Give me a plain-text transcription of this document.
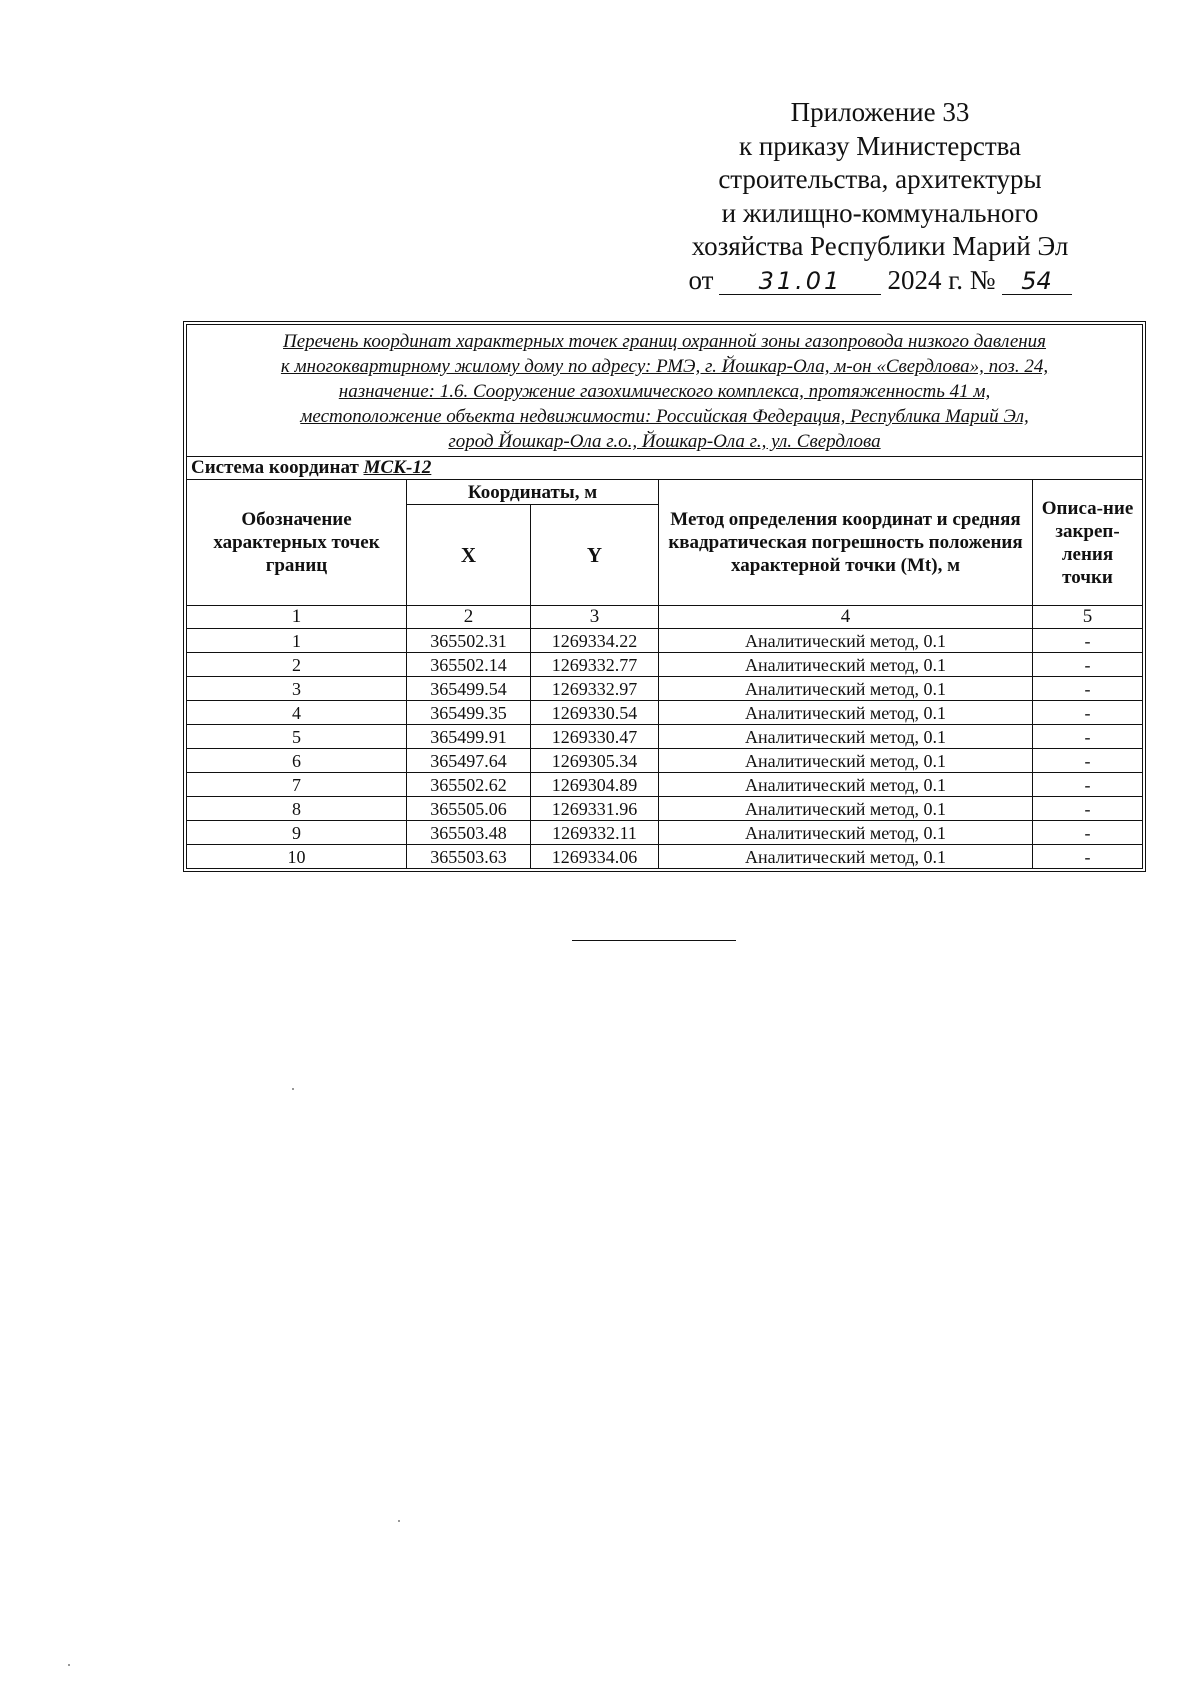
Приложение 33
к приказу Министерства
строительства, архитектуры
и жилищно-коммунального
хозяйства Республики Марий Эл
от 31.01 2024 г. № 54
Перечень координат характерных точек границ охранной зоны газопровода низкого давления
к многоквартирному жилому дому по адресу: РМЭ, г. Йошкар-Ола, м-он «Свердлова», поз. 24,
назначение: 1.6. Сооружение газохимического комплекса, протяженность 41 м,
местоположение объекта недвижимости: Российская Федерация, Республика Марий Эл,
город Йошкар-Ола г.о., Йошкар-Ола г., ул. Свердлова				

Система координат МСК-12				
Обозначение характерных точек границ	Координаты, м		Метод определения координат и средняя квадратическая погрешность положения характерной точки (Mt), м	Описа-ние закреп-ления точки
	X	Y		
1	2	3	4	5
1	365502.31	1269334.22	Аналитический метод, 0.1	-
2	365502.14	1269332.77	Аналитический метод, 0.1	-
3	365499.54	1269332.97	Аналитический метод, 0.1	-
4	365499.35	1269330.54	Аналитический метод, 0.1	-
5	365499.91	1269330.47	Аналитический метод, 0.1	-
6	365497.64	1269305.34	Аналитический метод, 0.1	-
7	365502.62	1269304.89	Аналитический метод, 0.1	-
8	365505.06	1269331.96	Аналитический метод, 0.1	-
9	365503.48	1269332.11	Аналитический метод, 0.1	-
10	365503.63	1269334.06	Аналитический метод, 0.1	-
